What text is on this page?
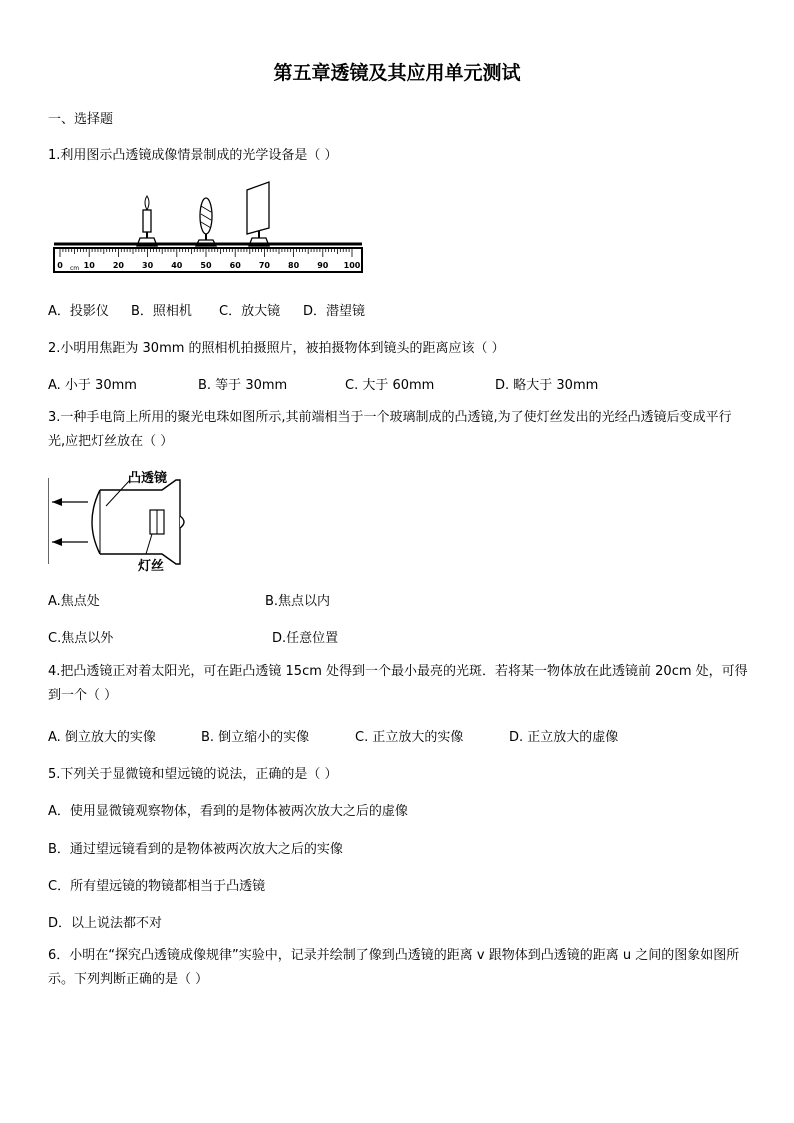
第五章透镜及其应用单元测试
一、选择题
1.利用图示凸透镜成像情景制成的光学设备是（ ）
0	10 20 30 40 50 60 70 80 90 100
cm
A．投影仪 B．照相机 C．放大镜 D．潜望镜
2.小明用焦距为 30mm 的照相机拍摄照片，被拍摄物体到镜头的距离应该（ ）
A. 小于 30mm	B. 等于 30mm	C. 大于 60mm	D. 略大于 30mm
3.一种手电筒上所用的聚光电珠如图所示,其前端相当于一个玻璃制成的凸透镜,为了使灯丝发出的光经凸透镜后变成平行光,应把灯丝放在（ ）
凸透镜
灯丝
A.焦点处	B.焦点以内
C.焦点以外	D.任意位置
4.把凸透镜正对着太阳光，可在距凸透镜 15cm 处得到一个最小最亮的光斑．若将某一物体放在此透镜前 20cm 处，可得到一个（ ）
A. 倒立放大的实像	B. 倒立缩小的实像	C. 正立放大的实像	D. 正立放大的虚像
5.下列关于显微镜和望远镜的说法，正确的是（ ）
A．使用显微镜观察物体，看到的是物体被两次放大之后的虚像
B．通过望远镜看到的是物体被两次放大之后的实像
C．所有望远镜的物镜都相当于凸透镜
D．以上说法都不对
6．小明在“探究凸透镜成像规律”实验中，记录并绘制了像到凸透镜的距离 v 跟物体到凸透镜的距离 u 之间的图象如图所示。下列判断正确的是（ ）
